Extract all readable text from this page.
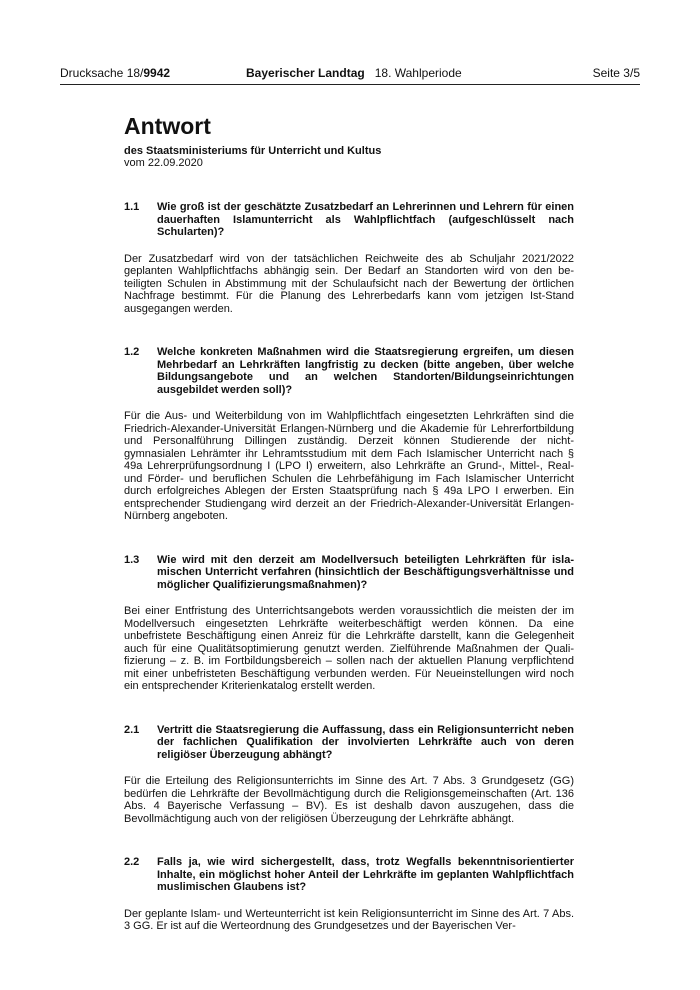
Drucksache 18/9942	Bayerischer Landtag 18. Wahlperiode	Seite 3/5
Antwort
des Staatsministeriums für Unterricht und Kultus
vom 22.09.2020
1.1	Wie groß ist der geschätzte Zusatzbedarf an Lehrerinnen und Lehrern für einen dauerhaften Islamunterricht als Wahlpflichtfach (aufgeschlüsselt nach Schularten)?
Der Zusatzbedarf wird von der tatsächlichen Reichweite des ab Schuljahr 2021/2022 geplanten Wahlpflichtfachs abhängig sein. Der Bedarf an Standorten wird von den beteiligten Schulen in Abstimmung mit der Schulaufsicht nach der Bewertung der örtlichen Nachfrage bestimmt. Für die Planung des Lehrerbedarfs kann vom jetzigen Ist-Stand ausgegangen werden.
1.2	Welche konkreten Maßnahmen wird die Staatsregierung ergreifen, um diesen Mehrbedarf an Lehrkräften langfristig zu decken (bitte angeben, über welche Bildungsangebote und an welchen Standorten/Bildungseinrichtungen ausgebildet werden soll)?
Für die Aus- und Weiterbildung von im Wahlpflichtfach eingesetzten Lehrkräften sind die Friedrich-Alexander-Universität Erlangen-Nürnberg und die Akademie für Lehrerfortbildung und Personalführung Dillingen zuständig. Derzeit können Studierende der nicht-gymnasialen Lehrämter ihr Lehramtsstudium mit dem Fach Islamischer Unterricht nach § 49a Lehrerprüfungsordnung I (LPO I) erweitern, also Lehrkräfte an Grund-, Mittel-, Real- und Förder- und beruflichen Schulen die Lehrbefähigung im Fach Islamischer Unterricht durch erfolgreiches Ablegen der Ersten Staatsprüfung nach § 49a LPO I erwerben. Ein entsprechender Studiengang wird derzeit an der Friedrich-Alexander-Universität Erlangen-Nürnberg angeboten.
1.3	Wie wird mit den derzeit am Modellversuch beteiligten Lehrkräften für islamischen Unterricht verfahren (hinsichtlich der Beschäftigungsverhältnisse und möglicher Qualifizierungsmaßnahmen)?
Bei einer Entfristung des Unterrichtsangebots werden voraussichtlich die meisten der im Modellversuch eingesetzten Lehrkräfte weiterbeschäftigt werden können. Da eine unbefristete Beschäftigung einen Anreiz für die Lehrkräfte darstellt, kann die Gelegenheit auch für eine Qualitätsoptimierung genutzt werden. Zielführende Maßnahmen der Qualifizierung – z. B. im Fortbildungsbereich – sollen nach der aktuellen Planung verpflichtend mit einer unbefristeten Beschäftigung verbunden werden. Für Neueinstellungen wird noch ein entsprechender Kriterienkatalog erstellt werden.
2.1	Vertritt die Staatsregierung die Auffassung, dass ein Religionsunterricht neben der fachlichen Qualifikation der involvierten Lehrkräfte auch von deren religiöser Überzeugung abhängt?
Für die Erteilung des Religionsunterrichts im Sinne des Art. 7 Abs. 3 Grundgesetz (GG) bedürfen die Lehrkräfte der Bevollmächtigung durch die Religionsgemeinschaften (Art. 136 Abs. 4 Bayerische Verfassung – BV). Es ist deshalb davon auszugehen, dass die Bevollmächtigung auch von der religiösen Überzeugung der Lehrkräfte abhängt.
2.2	Falls ja, wie wird sichergestellt, dass, trotz Wegfalls bekenntnisorientierter Inhalte, ein möglichst hoher Anteil der Lehrkräfte im geplanten Wahlpflichtfach muslimischen Glaubens ist?
Der geplante Islam- und Werteunterricht ist kein Religionsunterricht im Sinne des Art. 7 Abs. 3 GG. Er ist auf die Werteordnung des Grundgesetzes und der Bayerischen Ver-
